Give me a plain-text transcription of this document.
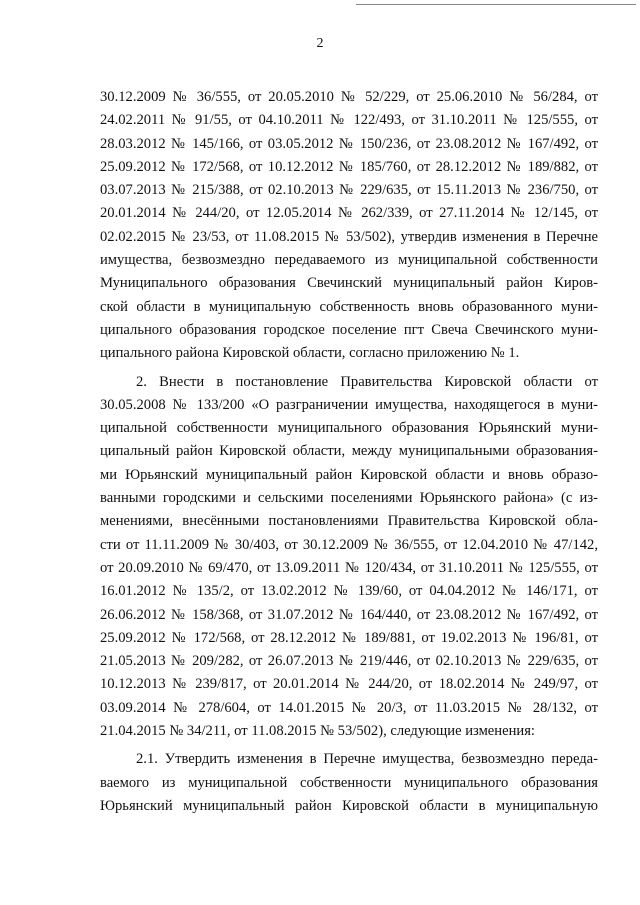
2
30.12.2009 № 36/555, от 20.05.2010 № 52/229, от 25.06.2010 № 56/284, от
24.02.2011 № 91/55, от 04.10.2011 № 122/493, от 31.10.2011 № 125/555, от
28.03.2012 № 145/166, от 03.05.2012 № 150/236, от 23.08.2012 № 167/492, от
25.09.2012 № 172/568, от 10.12.2012 № 185/760, от 28.12.2012 № 189/882, от
03.07.2013 № 215/388, от 02.10.2013 № 229/635, от 15.11.2013 № 236/750, от
20.01.2014 № 244/20, от 12.05.2014 № 262/339, от 27.11.2014 № 12/145, от
02.02.2015 № 23/53, от 11.08.2015 № 53/502), утвердив изменения в Перечне
имущества, безвозмездно передаваемого из муниципальной собственности
Муниципального образования Свечинский муниципальный район Киров-
ской области в муниципальную собственность вновь образованного муни-
ципального образования городское поселение пгт Свеча Свечинского муни-
ципального района Кировской области, согласно приложению № 1.
2. Внести в постановление Правительства Кировской области от
30.05.2008 № 133/200 «О разграничении имущества, находящегося в муни-
ципальной собственности муниципального образования Юрьянский муни-
ципальный район Кировской области, между муниципальными образования-
ми Юрьянский муниципальный район Кировской области и вновь образо-
ванными городскими и сельскими поселениями Юрьянского района» (с из-
менениями, внесёнными постановлениями Правительства Кировской обла-
сти от 11.11.2009 № 30/403, от 30.12.2009 № 36/555, от 12.04.2010 № 47/142,
от 20.09.2010 № 69/470, от 13.09.2011 № 120/434, от 31.10.2011 № 125/555, от
16.01.2012 № 135/2, от 13.02.2012 № 139/60, от 04.04.2012 № 146/171, от
26.06.2012 № 158/368, от 31.07.2012 № 164/440, от 23.08.2012 № 167/492, от
25.09.2012 № 172/568, от 28.12.2012 № 189/881, от 19.02.2013 № 196/81, от
21.05.2013 № 209/282, от 26.07.2013 № 219/446, от 02.10.2013 № 229/635, от
10.12.2013 № 239/817, от 20.01.2014 № 244/20, от 18.02.2014 № 249/97, от
03.09.2014 № 278/604, от 14.01.2015 № 20/3, от 11.03.2015 № 28/132, от
21.04.2015 № 34/211, от 11.08.2015 № 53/502), следующие изменения:
2.1. Утвердить изменения в Перечне имущества, безвозмездно переда-
ваемого из муниципальной собственности муниципального образования
Юрьянский муниципальный район Кировской области в муниципальную
